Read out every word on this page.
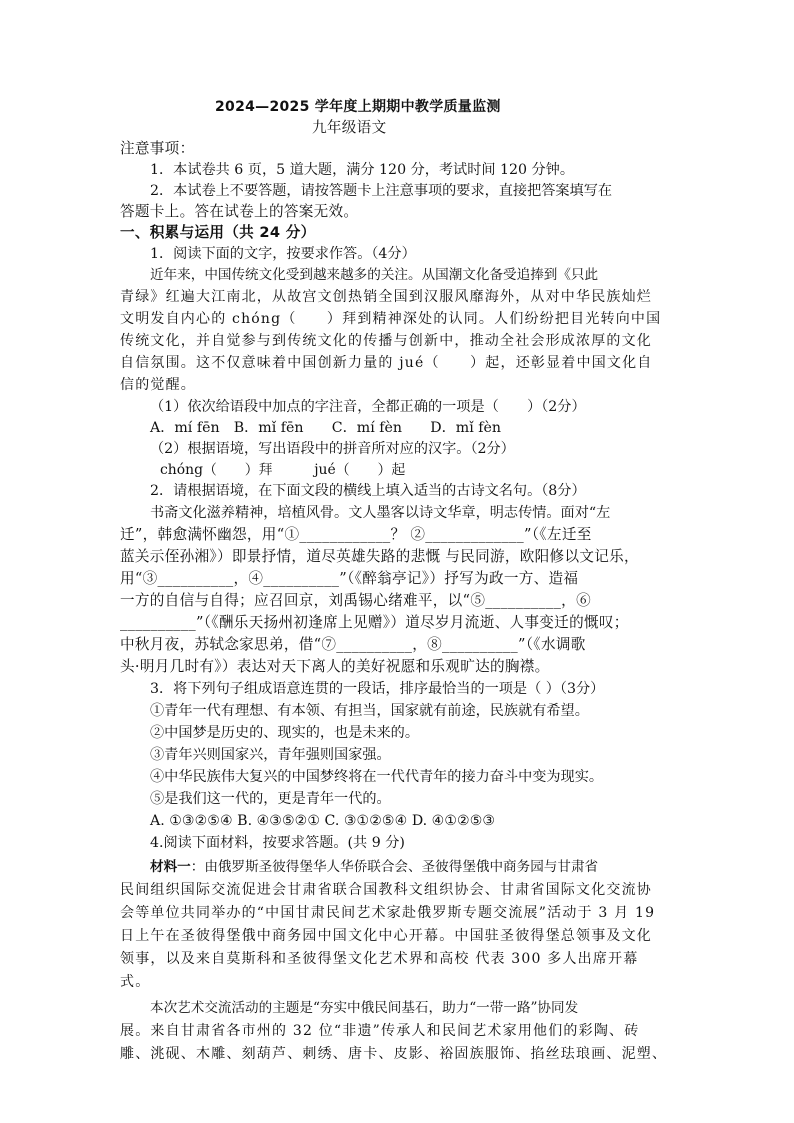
2024—2025 学年度上期期中教学质量监测
九年级语文
注意事项：
1．本试卷共 6 页，5 道大题，满分 120 分，考试时间 120 分钟。
2．本试卷上不要答题，请按答题卡上注意事项的要求，直接把答案填写在
答题卡上。答在试卷上的答案无效。
一、积累与运用（共 24 分）
1．阅读下面的文字，按要求作答。（4分）
近年来，中国传统文化受到越来越多的关注。从国潮文化备受追捧到《只此
青绿》红遍大江南北，从故宫文创热销全国到汉服风靡海外，从对中华民族灿烂
文明发自内心的 chóng（　　）拜到精神深处的认同。人们纷纷把目光转向中国
传统文化，并自觉参与到传统文化的传播与创新中，推动全社会形成浓厚的文化
自信氛围。这不仅意味着中国创新力量的 jué（　　）起，还彰显着中国文化自
信的觉醒。
（1）依次给语段中加点的字注音，全都正确的一项是（　　）（2分）
A．mí fēn　B．mǐ fēn　　C．mí fèn　　D．mǐ fèn
（2）根据语境，写出语段中的拼音所对应的汉字。（2分）
chóng（　　）拜　　　jué（　　）起
2．请根据语境，在下面文段的横线上填入适当的古诗文名句。（8分）
书斋文化滋养精神，培植风骨。文人墨客以诗文华章，明志传情。面对“左
迁”，韩愈满怀幽怨，用“①____________？ ②_____________”（《左迁至
蓝关示侄孙湘》）即景抒情，道尽英雄失路的悲慨 与民同游，欧阳修以文记乐，
用“③__________，④__________”（《醉翁亭记》）抒写为政一方、造福
一方的自信与自得；应召回京，刘禹锡心绪难平，以“⑤__________，⑥
__________”（《酬乐天扬州初逢席上见赠》）道尽岁月流逝、人事变迁的慨叹；
中秋月夜，苏轼念家思弟，借“⑦__________，⑧__________”（《水调歌
头·明月几时有》）表达对天下离人的美好祝愿和乐观旷达的胸襟。
3．将下列句子组成语意连贯的一段话，排序最恰当的一项是（ ）（3分）
①青年一代有理想、有本领、有担当，国家就有前途，民族就有希望。
②中国梦是历史的、现实的，也是未来的。
③青年兴则国家兴，青年强则国家强。
④中华民族伟大复兴的中国梦终将在一代代青年的接力奋斗中变为现实。
⑤是我们这一代的，更是青年一代的。
A. ①③②⑤④ B. ④③⑤②① C. ③①②⑤④ D. ④①②⑤③
4.阅读下面材料，按要求答题。(共 9 分)
材料一：由俄罗斯圣彼得堡华人华侨联合会、圣彼得堡俄中商务园与甘肃省
民间组织国际交流促进会甘肃省联合国教科文组织协会、甘肃省国际文化交流协
会等单位共同举办的“中国甘肃民间艺术家赴俄罗斯专题交流展”活动于 3 月 19
日上午在圣彼得堡俄中商务园中国文化中心开幕。中国驻圣彼得堡总领事及文化
领事，以及来自莫斯科和圣彼得堡文化艺术界和高校 代表 300 多人出席开幕
式。
本次艺术交流活动的主题是“夯实中俄民间基石，助力“一带一路”协同发
展。来自甘肃省各市州的 32 位“非遗”传承人和民间艺术家用他们的彩陶、砖
雕、洮砚、木雕、刻葫芦、刺绣、唐卡、皮影、裕固族服饰、掐丝珐琅画、泥塑、
